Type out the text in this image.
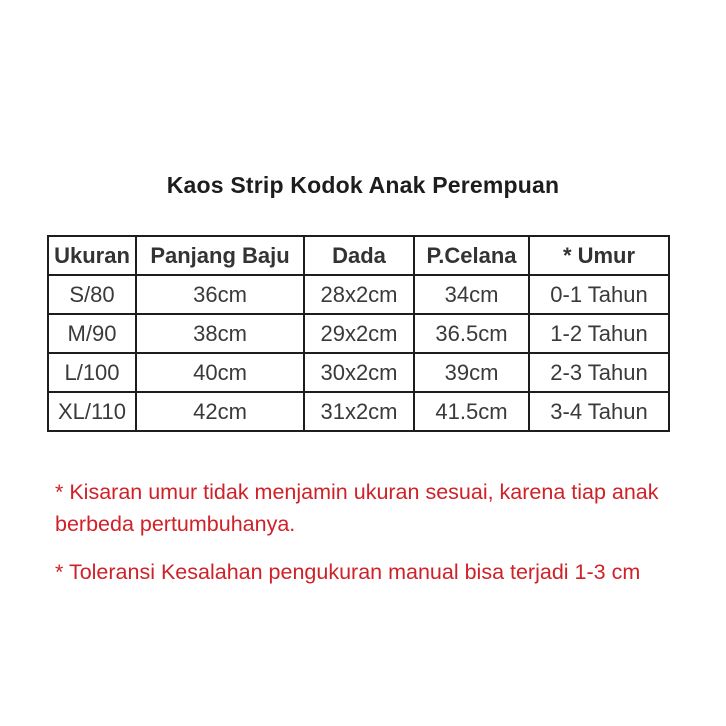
Kaos Strip Kodok Anak Perempuan
Ukuran	Panjang Baju	Dada	P.Celana	* Umur
S/80	36cm	28x2cm	34cm	0-1 Tahun
M/90	38cm	29x2cm	36.5cm	1-2 Tahun
L/100	40cm	30x2cm	39cm	2-3 Tahun
XL/110	42cm	31x2cm	41.5cm	3-4 Tahun

* Kisaran umur tidak menjamin ukuran sesuai, karena tiap anak berbeda pertumbuhanya.

* Toleransi Kesalahan pengukuran manual bisa terjadi 1-3 cm
